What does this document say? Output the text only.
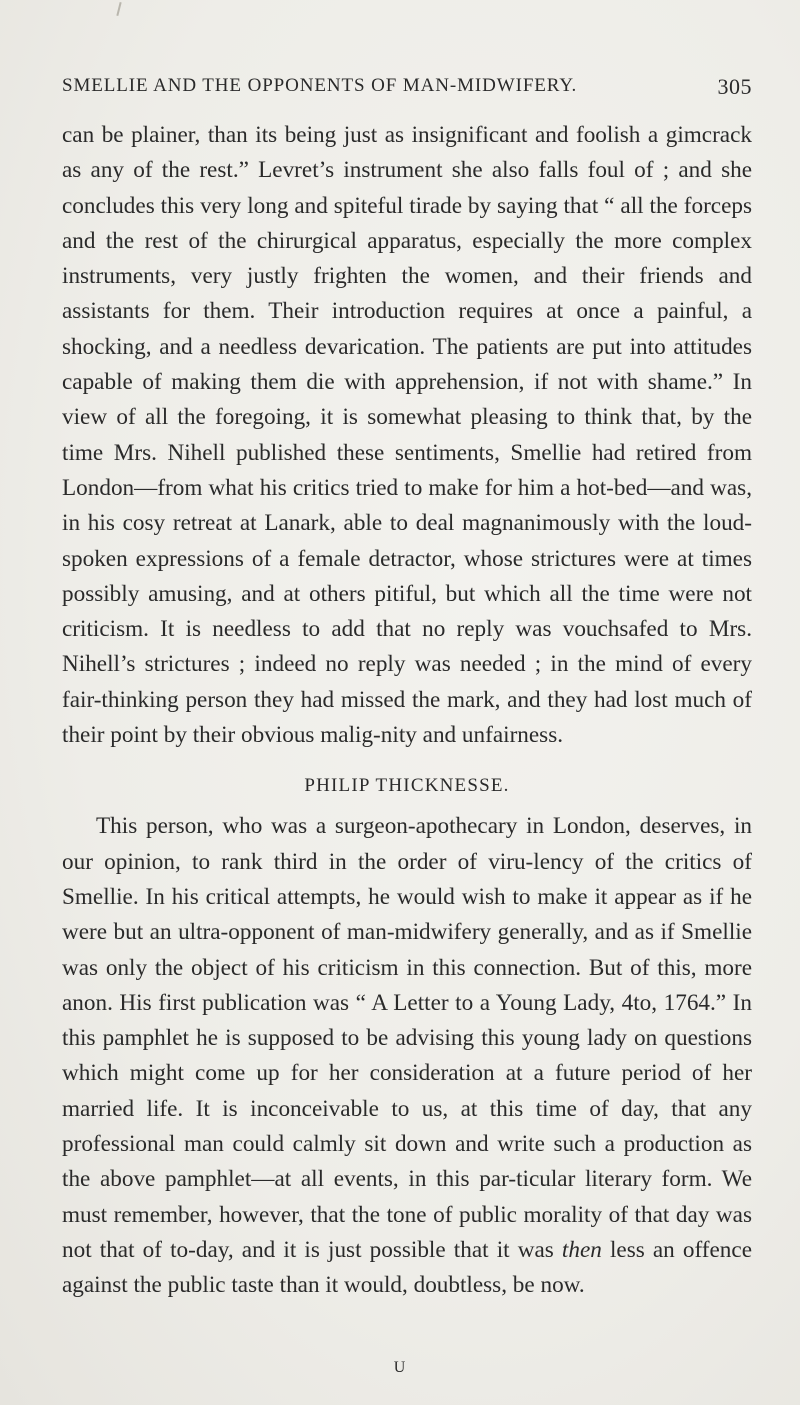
SMELLIE AND THE OPPONENTS OF MAN-MIDWIFERY.	305

can be plainer, than its being just as insignificant and foolish a gimcrack as any of the rest.” Levret’s instrument she also falls foul of ; and she concludes this very long and spiteful tirade by saying that “ all the forceps and the rest of the chirurgical apparatus, especially the more complex instruments, very justly frighten the women, and their friends and assistants for them. Their introduction requires at once a painful, a shocking, and a needless devarication. The patients are put into attitudes capable of making them die with apprehension, if not with shame.” In view of all the foregoing, it is somewhat pleasing to think that, by the time Mrs. Nihell published these sentiments, Smellie had retired from London—from what his critics tried to make for him a hot-bed—and was, in his cosy retreat at Lanark, able to deal magnanimously with the loud-spoken expressions of a female detractor, whose strictures were at times possibly amusing, and at others pitiful, but which all the time were not criticism. It is needless to add that no reply was vouchsafed to Mrs. Nihell’s strictures ; indeed no reply was needed ; in the mind of every fair-thinking person they had missed the mark, and they had lost much of their point by their obvious malig-nity and unfairness.

PHILIP THICKNESSE.

This person, who was a surgeon-apothecary in London, deserves, in our opinion, to rank third in the order of viru-lency of the critics of Smellie. In his critical attempts, he would wish to make it appear as if he were but an ultra-opponent of man-midwifery generally, and as if Smellie was only the object of his criticism in this connection. But of this, more anon. His first publication was “ A Letter to a Young Lady, 4to, 1764.” In this pamphlet he is supposed to be advising this young lady on questions which might come up for her consideration at a future period of her married life. It is inconceivable to us, at this time of day, that any professional man could calmly sit down and write such a production as the above pamphlet—at all events, in this par-ticular literary form. We must remember, however, that the tone of public morality of that day was not that of to-day, and it is just possible that it was then less an offence against the public taste than it would, doubtless, be now.

U
